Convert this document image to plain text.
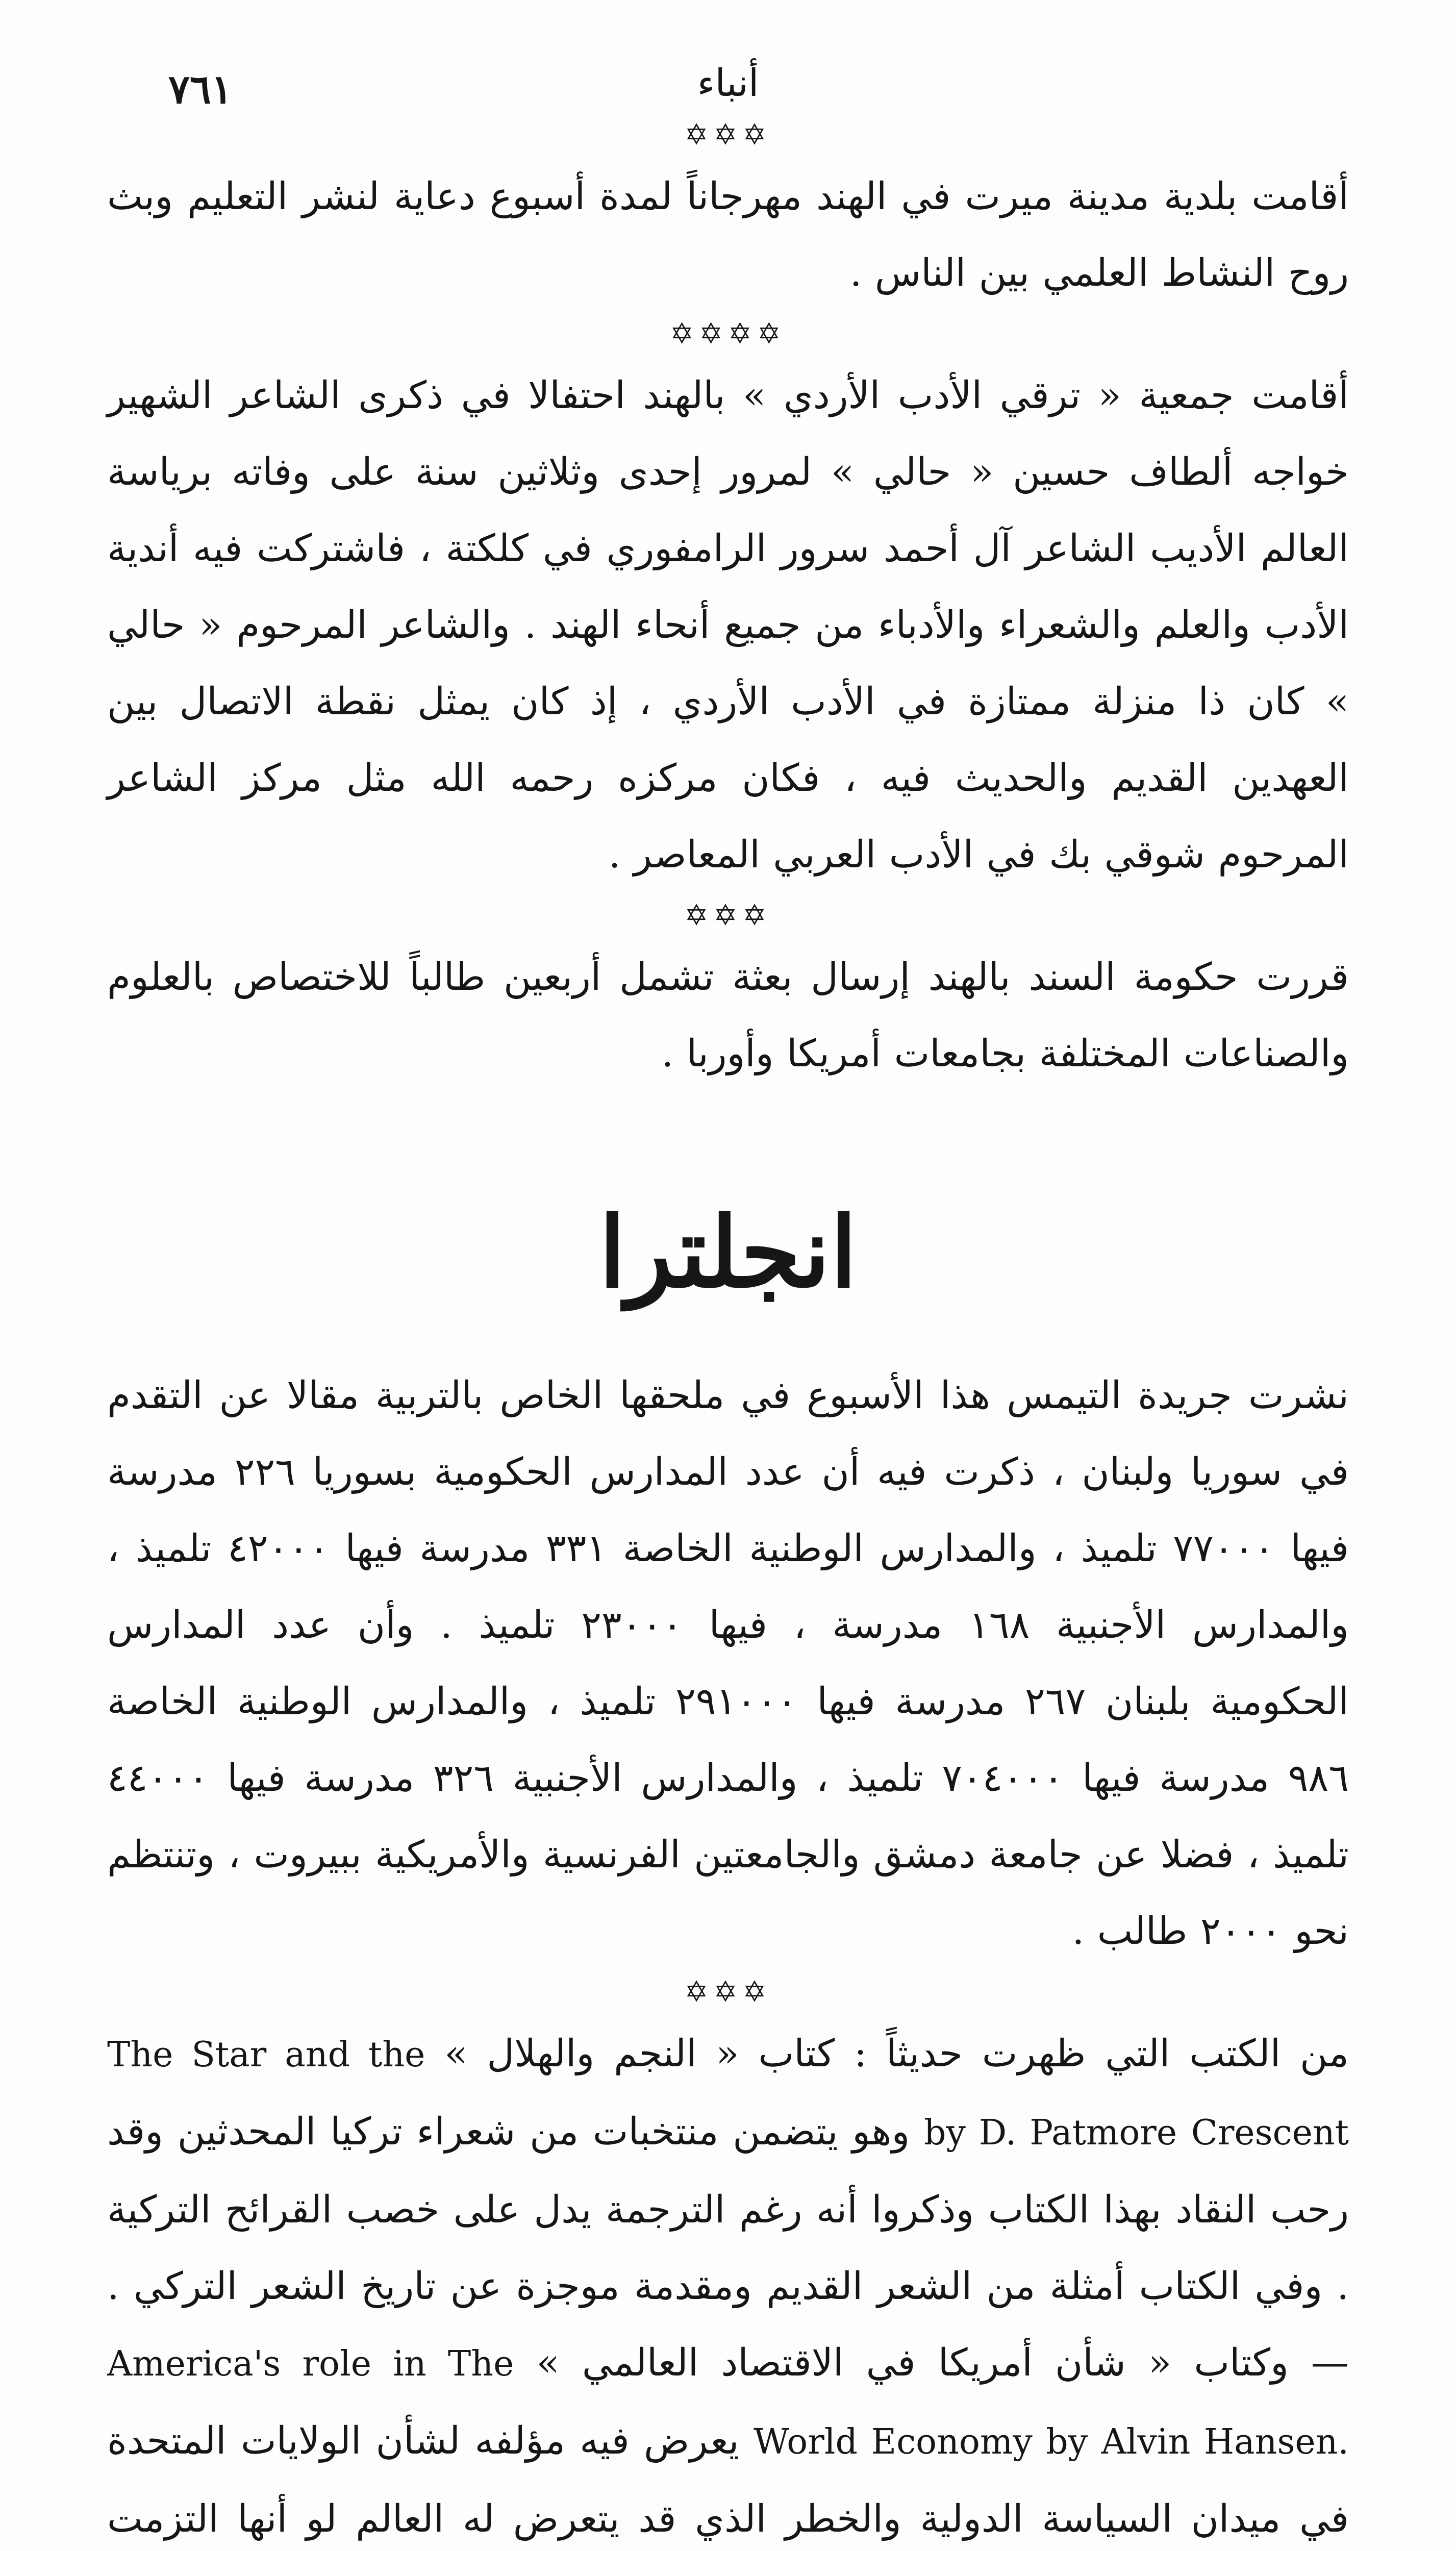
٧٦١	أنباء
✡✡✡

أقامت بلدية مدينة ميرت في الهند مهرجاناً لمدة أسبوع دعاية لنشر التعليم وبث روح النشاط العلمي بين الناس .

✡✡✡✡

أقامت جمعية « ترقي الأدب الأردي » بالهند احتفالا في ذكرى الشاعر الشهير خواجه ألطاف حسين « حالي » لمرور إحدى وثلاثين سنة على وفاته برياسة العالم الأديب الشاعر آل أحمد سرور الرامفوري في كلكتة ، فاشتركت فيه أندية الأدب والعلم والشعراء والأدباء من جميع أنحاء الهند . والشاعر المرحوم « حالي » كان ذا منزلة ممتازة في الأدب الأردي ، إذ كان يمثل نقطة الاتصال بين العهدين القديم والحديث فيه ، فكان مركزه رحمه الله مثل مركز الشاعر المرحوم شوقي بك في الأدب العربي المعاصر .

✡✡✡

قررت حكومة السند بالهند إرسال بعثة تشمل أربعين طالباً للاختصاص بالعلوم والصناعات المختلفة بجامعات أمريكا وأوربا .

انجلترا

نشرت جريدة التيمس هذا الأسبوع في ملحقها الخاص بالتربية مقالا عن التقدم في سوريا ولبنان ، ذكرت فيه أن عدد المدارس الحكومية بسوريا ٢٢٦ مدرسة فيها ٧٧٠٠٠ تلميذ ، والمدارس الوطنية الخاصة ٣٣١ مدرسة فيها ٤٢٠٠٠ تلميذ ، والمدارس الأجنبية ١٦٨ مدرسة ، فيها ٢٣٠٠٠ تلميذ . وأن عدد المدارس الحكومية بلبنان ٢٦٧ مدرسة فيها ٢٩١٠٠٠ تلميذ ، والمدارس الوطنية الخاصة ٩٨٦ مدرسة فيها ٧٠٤٠٠٠ تلميذ ، والمدارس الأجنبية ٣٢٦ مدرسة فيها ٤٤٠٠٠ تلميذ ، فضلا عن جامعة دمشق والجامعتين الفرنسية والأمريكية ببيروت ، وتنتظم نحو ٢٠٠٠ طالب .

✡✡✡

من الكتب التي ظهرت حديثاً : كتاب « النجم والهلال » The Star and the Crescent by D. Patmore وهو يتضمن منتخبات من شعراء تركيا المحدثين وقد رحب النقاد بهذا الكتاب وذكروا أنه رغم الترجمة يدل على خصب القرائح التركية . وفي الكتاب أمثلة من الشعر القديم ومقدمة موجزة عن تاريخ الشعر التركي . — وكتاب « شأن أمريكا في الاقتصاد العالمي » America's role in The World Economy by Alvin Hansen. يعرض فيه مؤلفه لشأن الولايات المتحدة في ميدان السياسة الدولية والخطر الذي قد يتعرض له العالم لو أنها التزمت
